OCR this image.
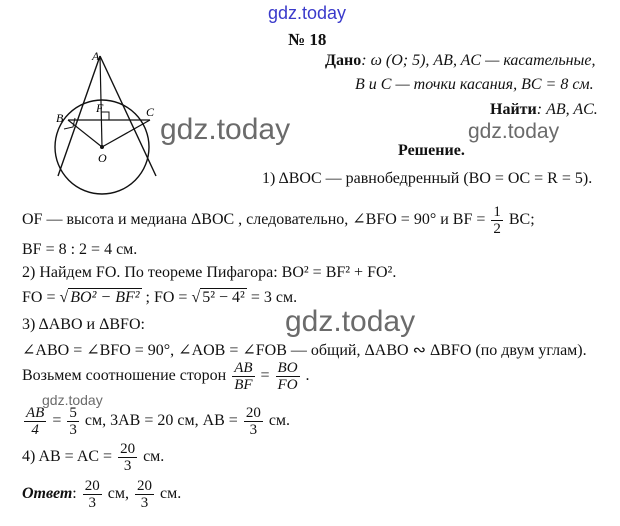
gdz.today
A
B	C
F
O
№ 18
Дано: ω (O; 5), AB, AC — касательные,
B и C — точки касания, BC = 8 см.
Найти: AB, AC.
gdz.today	gdz.today
Решение.
1) ΔBOC — равнобедренный (BO = OC = R = 5).
OF — высота и медиана ΔBOC , следовательно, ∠BFO = 90° и BF = $\frac{1}{2}$ BC;
BF = 8 : 2 = 4 см.
2) Найдем FO. По теореме Пифагора: BO² = BF² + FO².
FO = √ BO² − BF² ; FO = √ 5² − 4² = 3 см.
gdz.today
3) ΔABO и ΔBFO:
∠ABO = ∠BFO = 90°, ∠AOB = ∠FOB — общий, ΔABO ∾ ΔBFO (по двум углам).
Возьмем соотношение сторон $\frac{AB}{BF} = \frac{BO}{FO}$ .
gdz.today
$\frac{AB}{4} = \frac{5}{3}$ см, 3AB = 20 см, AB = $\frac{20}{3}$ см.
4) AB = AC = $\frac{20}{3}$ см.
Ответ: $\frac{20}{3}$ см, $\frac{20}{3}$ см.
